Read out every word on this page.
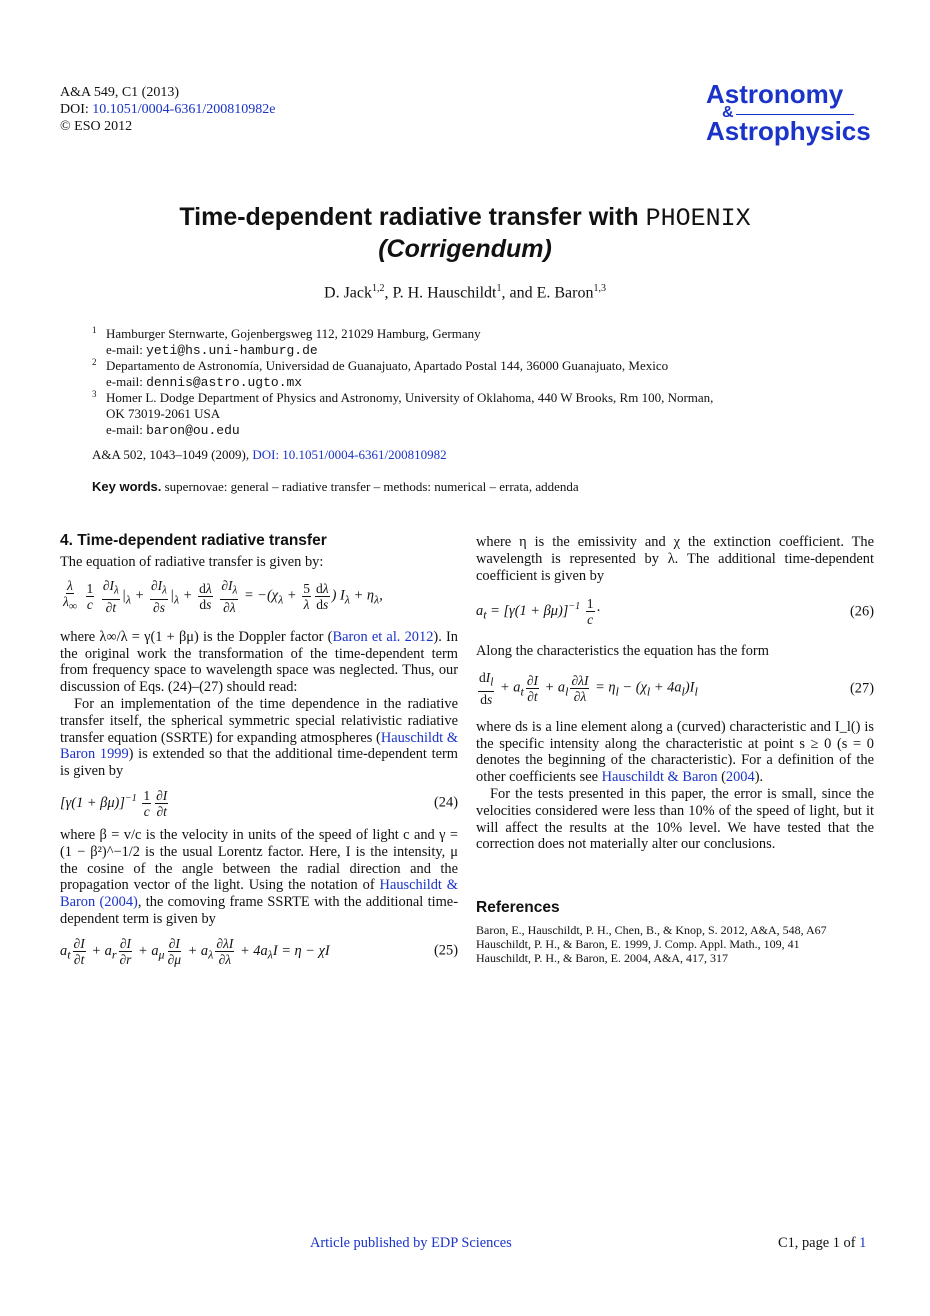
A&A 549, C1 (2013)
DOI: 10.1051/0004-6361/200810982e
© ESO 2012
Astronomy
&
Astrophysics
Time-dependent radiative transfer with PHOENIX
(Corrigendum)
D. Jack$^{1,2}$, P. H. Hauschildt$^1$, and E. Baron$^{1,3}$
1 Hamburger Sternwarte, Gojenbergsweg 112, 21029 Hamburg, Germany
e-mail: yeti@hs.uni-hamburg.de
2 Departamento de Astronomía, Universidad de Guanajuato, Apartado Postal 144, 36000 Guanajuato, Mexico
e-mail: dennis@astro.ugto.mx
3 Homer L. Dodge Department of Physics and Astronomy, University of Oklahoma, 440 W Brooks, Rm 100, Norman,
OK 73019-2061 USA
e-mail: baron@ou.edu
A&A 502, 1043–1049 (2009), DOI: 10.1051/0004-6361/200810982
Key words. supernovae: general – radiative transfer – methods: numerical – errata, addenda
4. Time-dependent radiative transfer

The equation of radiative transfer is given by:

$\frac{\lambda}{\lambda_\infty}$
$\frac{1}{c}$
$\frac{\partial I_\lambda}{\partial t} |_\lambda + \frac{\partial I_\lambda}{\partial s} |_\lambda + \frac{d\lambda}{ds}$
$\frac{\partial I_\lambda}{\partial\lambda} = -(\chi_\lambda + \frac{5}{\lambda} \frac{d\lambda}{ds}$ ) $I_\lambda + \eta_\lambda$,

where λ∞/λ = γ(1 + βμ) is the Doppler factor (Baron et al. 2012). In the original work the transformation of the time-dependent term from frequency space to wavelength space was neglected. Thus, our discussion of Eqs. (24)–(27) should read:

For an implementation of the time dependence in the radiative transfer itself, the spherical symmetric special relativistic radiative transfer equation (SSRTE) for expanding atmospheres (Hauschildt & Baron 1999) is extended so that the additional time-dependent term is given by

$[\gamma(1 + \beta\mu)]^{-1} \frac{1}{c} \frac{\partial I}{\partial t}$	(24)

where β = v/c is the velocity in units of the speed of light c and γ = (1 − β²)^−1/2 is the usual Lorentz factor. Here, I is the intensity, μ the cosine of the angle between the radial direction and the propagation vector of the light. Using the notation of Hauschildt & Baron (2004), the comoving frame SSRTE with the additional time-dependent term is given by

$a_t \frac{\partial I}{\partial t} + a_r \frac{\partial I}{\partial r} + a_\mu \frac{\partial I}{\partial\mu} + a_\lambda \frac{\partial\lambda I}{\partial\lambda} + 4a_\lambda I = \eta - \chi I$	(25)

where η is the emissivity and χ the extinction coefficient. The wavelength is represented by λ. The additional time-dependent coefficient is given by

$a_t = [\gamma(1 + \beta\mu)]^{-1} \frac{1}{c}$ ·	(26)

Along the characteristics the equation has the form

$\frac{dI_l}{ds} + a_t \frac{\partial I}{\partial t} + a_l \frac{\partial\lambda I}{\partial\lambda} = \eta_l - (\chi_l + 4a_l)I_l$	(27)

where ds is a line element along a (curved) characteristic and I_l() is the specific intensity along the characteristic at point s ≥ 0 (s = 0 denotes the beginning of the characteristic). For a definition of the other coefficients see Hauschildt & Baron (2004).

For the tests presented in this paper, the error is small, since the velocities considered were less than 10% of the speed of light, but it will affect the results at the 10% level. We have tested that the correction does not materially alter our conclusions.

References
Baron, E., Hauschildt, P. H., Chen, B., & Knop, S. 2012, A&A, 548, A67
Hauschildt, P. H., & Baron, E. 1999, J. Comp. Appl. Math., 109, 41
Hauschildt, P. H., & Baron, E. 2004, A&A, 417, 317
Article published by EDP Sciences	C1, page 1 of 1
